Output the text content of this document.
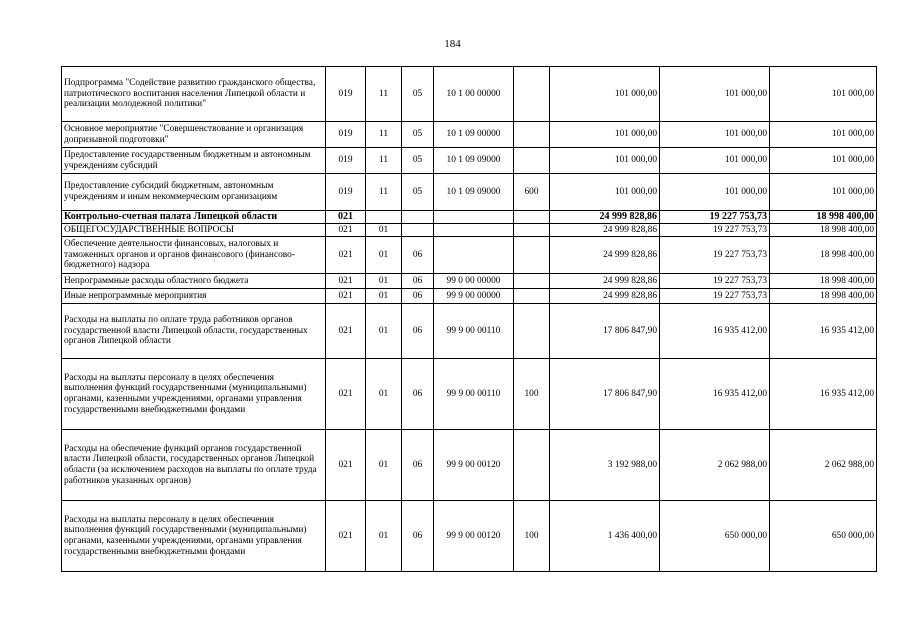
184
Подпрограмма "Содействие развитию гражданского общества, патриотического воспитания населения Липецкой области и реализации молодежной политики"	019	11	05	10 1 00 00000		101 000,00	101 000,00	101 000,00
Основное мероприятие "Совершенствование и организация допризывной подготовки"	019	11	05	10 1 09 00000		101 000,00	101 000,00	101 000,00
Предоставление государственным бюджетным и автономным учреждениям субсидий	019	11	05	10 1 09 09000		101 000,00	101 000,00	101 000,00
Предоставление субсидий бюджетным, автономным учреждениям и иным некоммерческим организациям	019	11	05	10 1 09 09000	600	101 000,00	101 000,00	101 000,00
Контрольно-счетная палата Липецкой области	021					24 999 828,86	19 227 753,73	18 998 400,00
ОБЩЕГОСУДАРСТВЕННЫЕ ВОПРОСЫ	021	01				24 999 828,86	19 227 753,73	18 998 400,00
Обеспечение деятельности финансовых, налоговых и таможенных органов и органов финансового (финансово-бюджетного) надзора	021	01	06			24 999 828,86	19 227 753,73	18 998 400,00
Непрограммные расходы областного бюджета	021	01	06	99 0 00 00000		24 999 828,86	19 227 753,73	18 998 400,00
Иные непрограммные мероприятия	021	01	06	99 9 00 00000		24 999 828,86	19 227 753,73	18 998 400,00
Расходы на выплаты по оплате труда работников органов государственной власти Липецкой области, государственных органов Липецкой области	021	01	06	99 9 00 00110		17 806 847,90	16 935 412,00	16 935 412,00
Расходы на выплаты персоналу в целях обеспечения выполнения функций государственными (муниципальными) органами, казенными учреждениями, органами управления государственными внебюджетными фондами	021	01	06	99 9 00 00110	100	17 806 847,90	16 935 412,00	16 935 412,00
Расходы на обеспечение функций органов государственной власти Липецкой области, государственных органов Липецкой области (за исключением расходов на выплаты по оплате труда работников указанных органов)	021	01	06	99 9 00 00120		3 192 988,00	2 062 988,00	2 062 988,00
Расходы на выплаты персоналу в целях обеспечения выполнения функций государственными (муниципальными) органами, казенными учреждениями, органами управления государственными внебюджетными фондами	021	01	06	99 9 00 00120	100	1 436 400,00	650 000,00	650 000,00
